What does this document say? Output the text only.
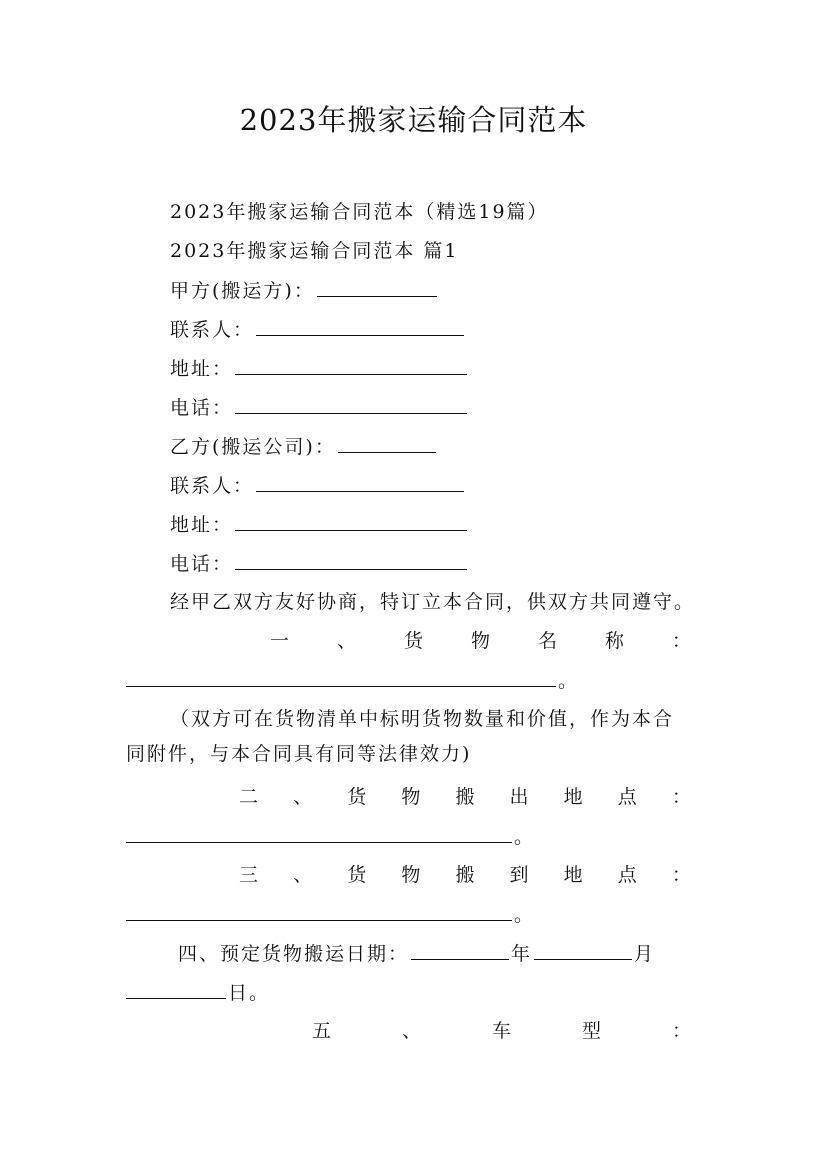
2023年搬家运输合同范本
2023年搬家运输合同范本（精选19篇）
2023年搬家运输合同范本 篇1
甲方(搬运方)：
联系人：
地址：
电话：
乙方(搬运公司)：
联系人：
地址：
电话：
经甲乙双方友好协商，特订立本合同，供双方共同遵守。
一	、	货	物	名	称	：
。
（双方可在货物清单中标明货物数量和价值，作为本合
同附件，与本合同具有同等法律效力)
二 、 货 物 搬 出 地 点 ：
。
三 、 货 物 搬 到 地 点 ：
。
四、预定货物搬运日期：	年	月
日。
五	、	车	型	：
